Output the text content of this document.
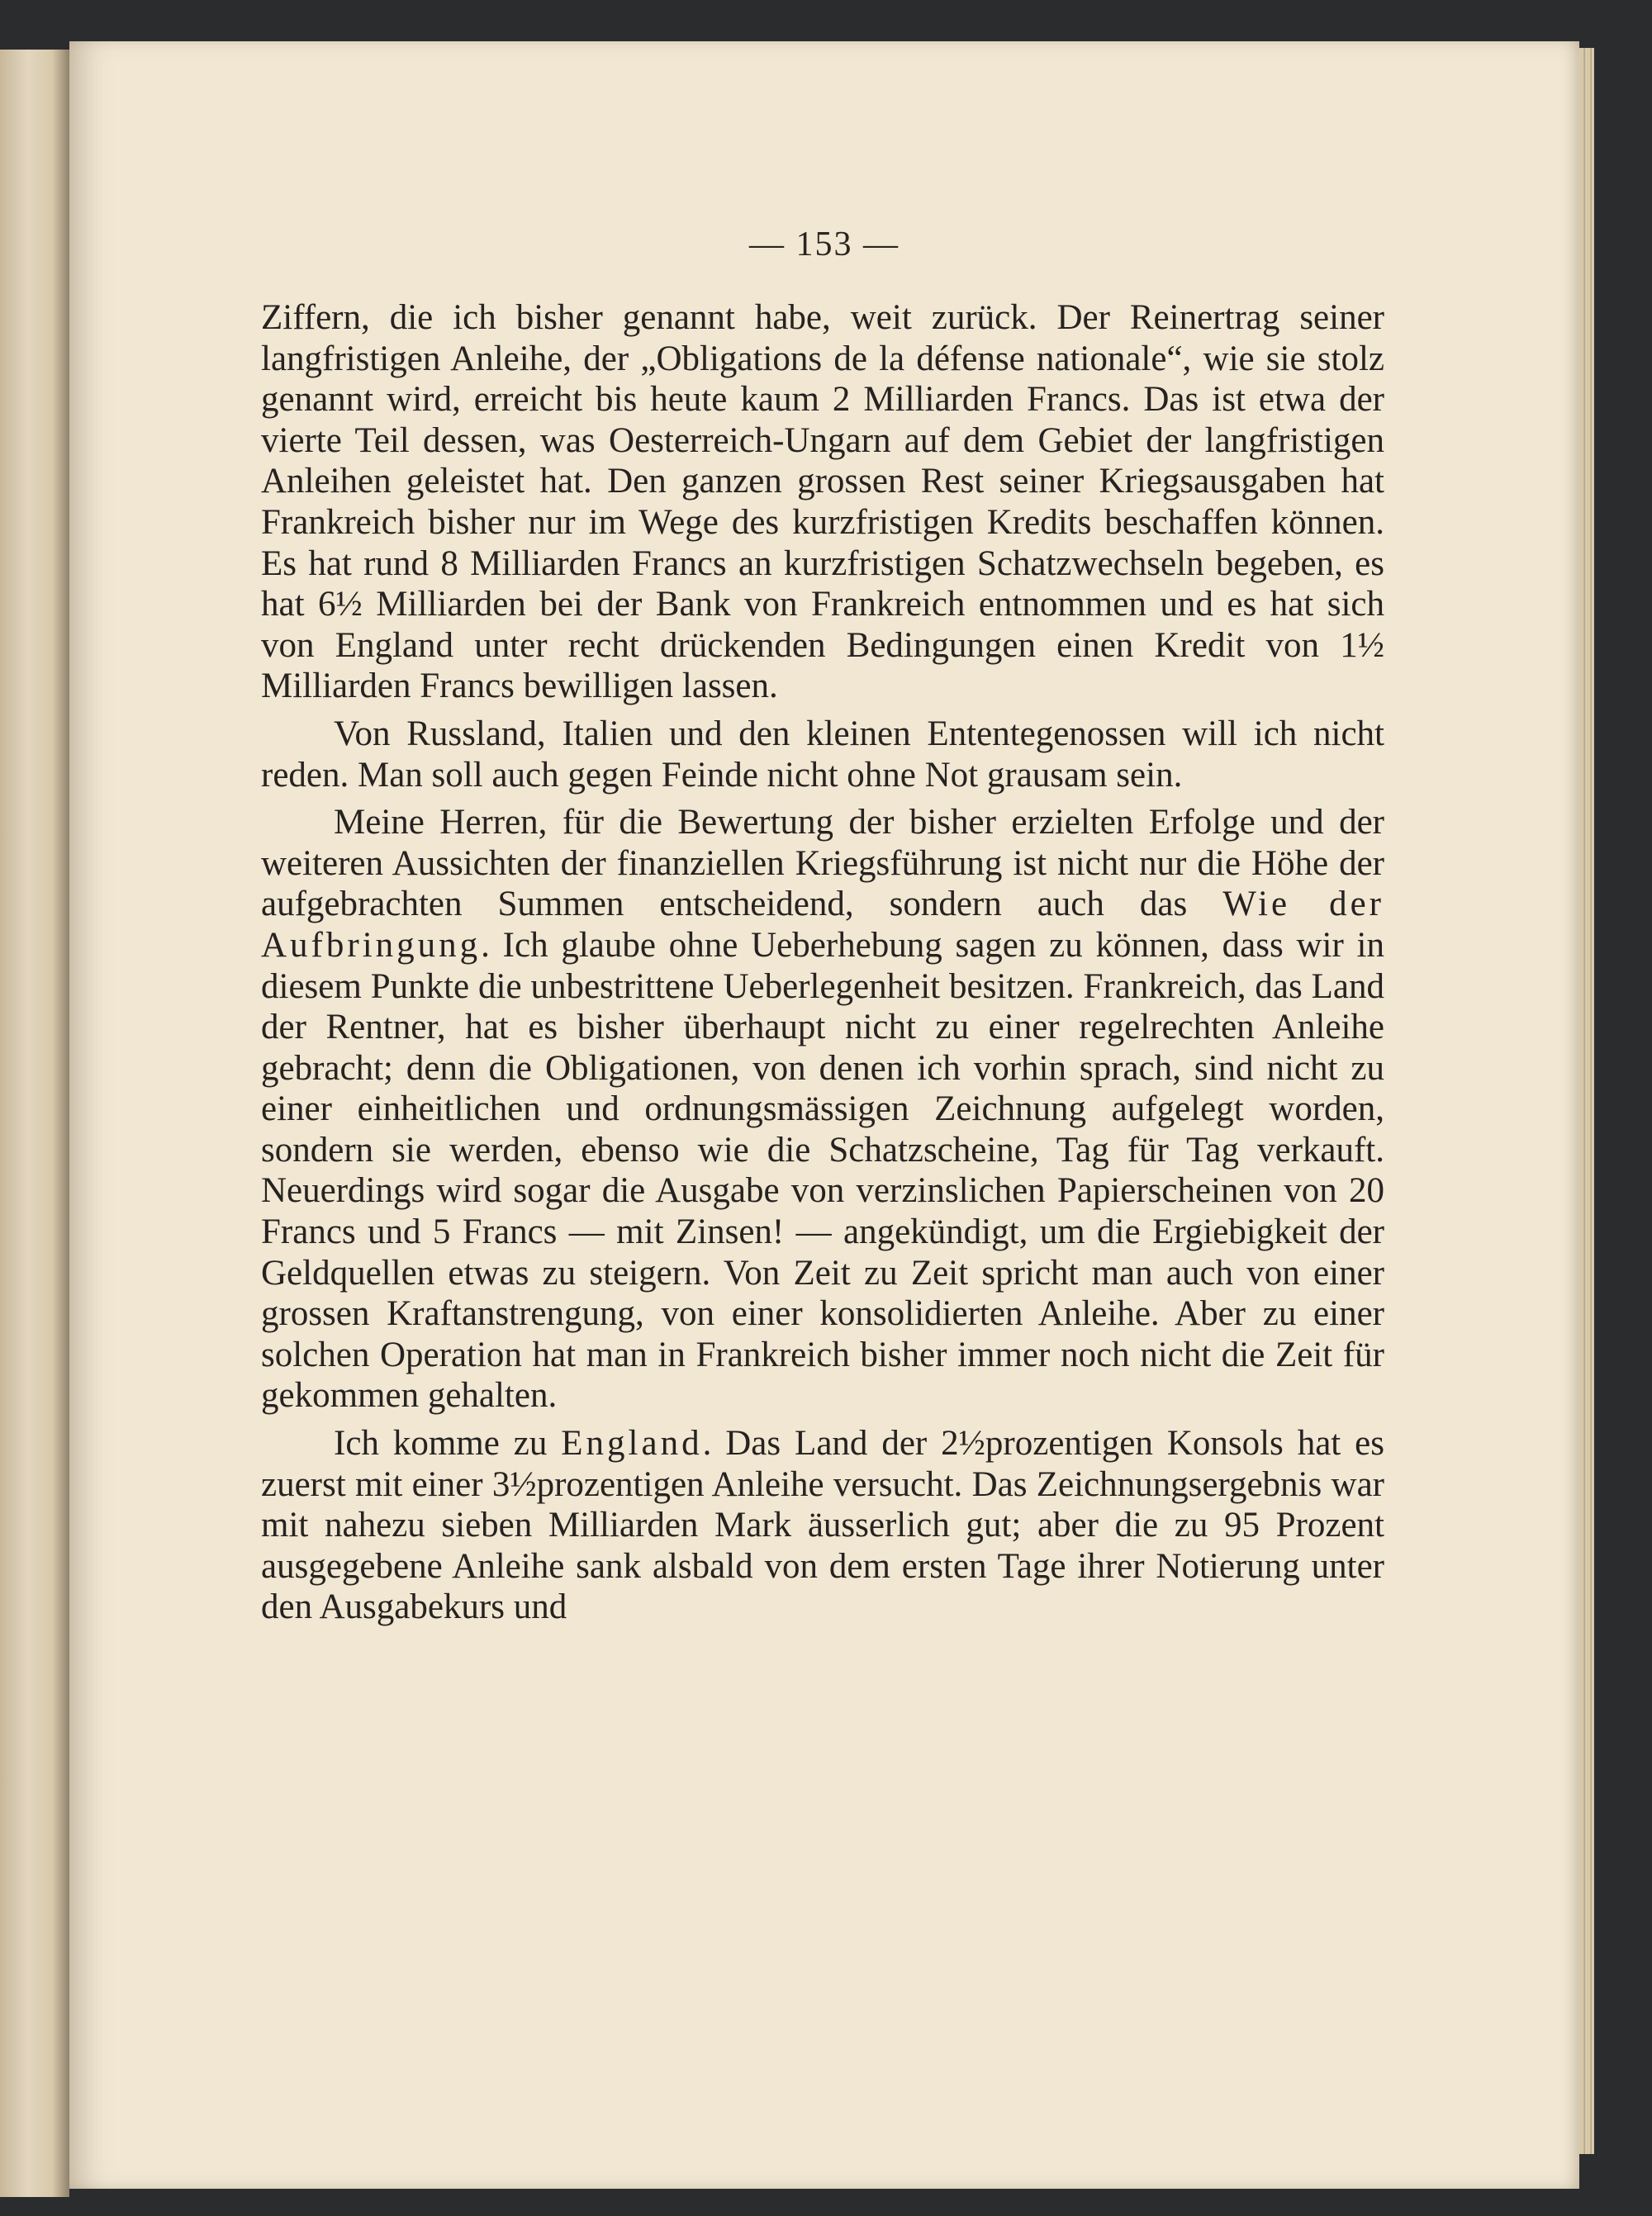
— 153 —

Ziffern, die ich bisher genannt habe, weit zurück. Der Reinertrag seiner langfristigen Anleihe, der „Obligations de la défense nationale“, wie sie stolz genannt wird, erreicht bis heute kaum 2 Milliarden Francs. Das ist etwa der vierte Teil dessen, was Oesterreich-Ungarn auf dem Gebiet der langfristigen Anleihen geleistet hat. Den ganzen grossen Rest seiner Kriegsausgaben hat Frankreich bisher nur im Wege des kurzfristigen Kredits beschaffen können. Es hat rund 8 Milliarden Francs an kurzfristigen Schatzwechseln begeben, es hat 6½ Milliarden bei der Bank von Frankreich entnommen und es hat sich von England unter recht drückenden Bedingungen einen Kredit von 1½ Milliarden Francs bewilligen lassen.

Von Russland, Italien und den kleinen Ententegenossen will ich nicht reden. Man soll auch gegen Feinde nicht ohne Not grausam sein.

Meine Herren, für die Bewertung der bisher erzielten Erfolge und der weiteren Aussichten der finanziellen Kriegsführung ist nicht nur die Höhe der aufgebrachten Summen entscheidend, sondern auch das Wie der Aufbringung. Ich glaube ohne Ueberhebung sagen zu können, dass wir in diesem Punkte die unbestrittene Ueberlegenheit besitzen. Frankreich, das Land der Rentner, hat es bisher überhaupt nicht zu einer regelrechten Anleihe gebracht; denn die Obligationen, von denen ich vorhin sprach, sind nicht zu einer einheitlichen und ordnungsmässigen Zeichnung aufgelegt worden, sondern sie werden, ebenso wie die Schatzscheine, Tag für Tag verkauft. Neuerdings wird sogar die Ausgabe von verzinslichen Papierscheinen von 20 Francs und 5 Francs — mit Zinsen! — angekündigt, um die Ergiebigkeit der Geldquellen etwas zu steigern. Von Zeit zu Zeit spricht man auch von einer grossen Kraftanstrengung, von einer konsolidierten Anleihe. Aber zu einer solchen Operation hat man in Frankreich bisher immer noch nicht die Zeit für gekommen gehalten.

Ich komme zu England. Das Land der 2½prozentigen Konsols hat es zuerst mit einer 3½prozentigen Anleihe versucht. Das Zeichnungsergebnis war mit nahezu sieben Milliarden Mark äusserlich gut; aber die zu 95 Prozent ausgegebene Anleihe sank alsbald von dem ersten Tage ihrer Notierung unter den Ausgabekurs und
